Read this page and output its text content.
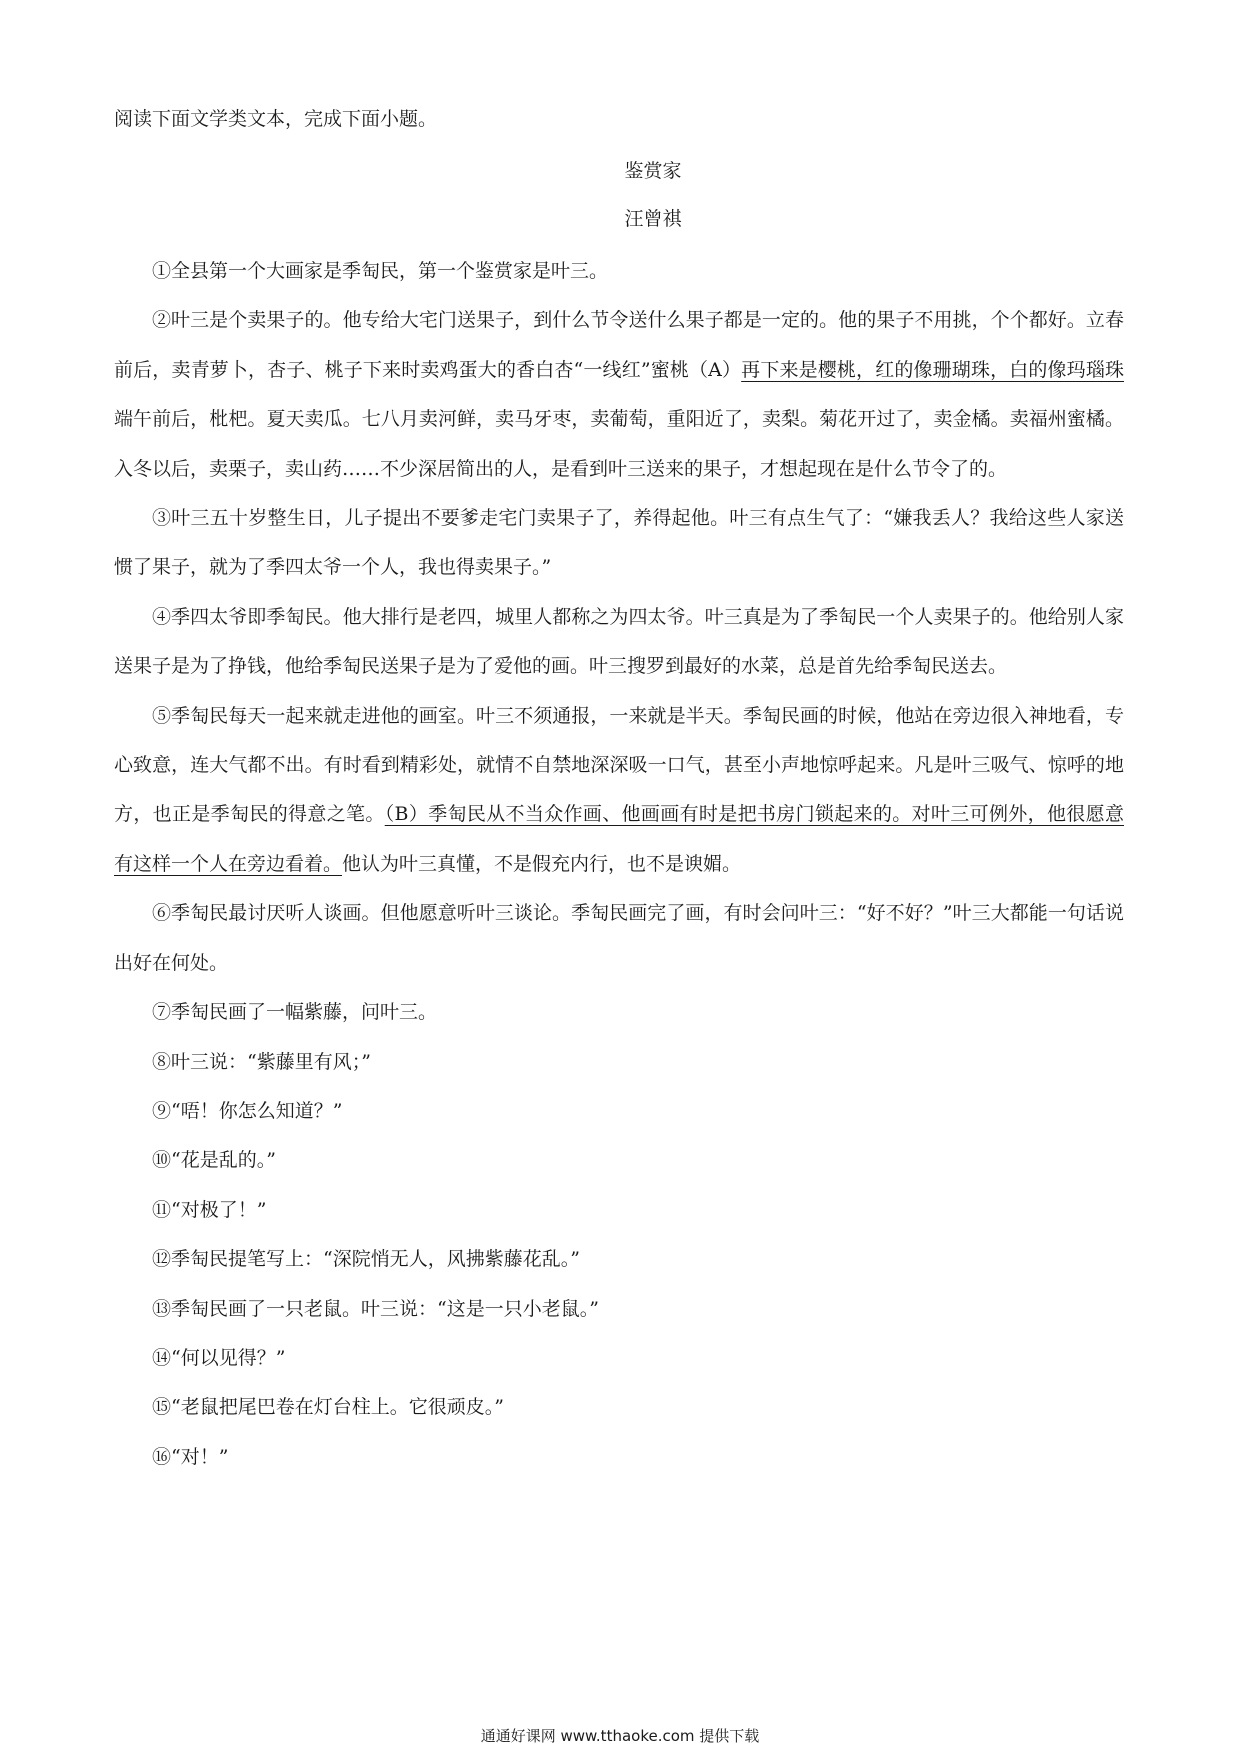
阅读下面文学类文本，完成下面小题。
鉴赏家
汪曾祺

①全县第一个大画家是季匋民，第一个鉴赏家是叶三。

②叶三是个卖果子的。他专给大宅门送果子，到什么节令送什么果子都是一定的。他的果子不用挑，个个都好。立春前后，卖青萝卜，杏子、桃子下来时卖鸡蛋大的香白杏“一线红”蜜桃（A）再下来是樱桃，红的像珊瑚珠，白的像玛瑙珠端午前后，枇杷。夏天卖瓜。七八月卖河鲜，卖马牙枣，卖葡萄，重阳近了，卖梨。菊花开过了，卖金橘。卖福州蜜橘。入冬以后，卖栗子，卖山药……不少深居简出的人，是看到叶三送来的果子，才想起现在是什么节令了的。

③叶三五十岁整生日，儿子提出不要爹走宅门卖果子了，养得起他。叶三有点生气了：“嫌我丢人？我给这些人家送惯了果子，就为了季四太爷一个人，我也得卖果子。”

④季四太爷即季匋民。他大排行是老四，城里人都称之为四太爷。叶三真是为了季匋民一个人卖果子的。他给别人家送果子是为了挣钱，他给季匋民送果子是为了爱他的画。叶三搜罗到最好的水菜，总是首先给季匋民送去。

⑤季匋民每天一起来就走进他的画室。叶三不须通报，一来就是半天。季匋民画的时候，他站在旁边很入神地看，专心致意，连大气都不出。有时看到精彩处，就情不自禁地深深吸一口气，甚至小声地惊呼起来。凡是叶三吸气、惊呼的地方，也正是季匋民的得意之笔。（B）季匋民从不当众作画、他画画有时是把书房门锁起来的。对叶三可例外，他很愿意有这样一个人在旁边看着。他认为叶三真懂，不是假充内行，也不是谀媚。

⑥季匋民最讨厌听人谈画。但他愿意听叶三谈论。季匋民画完了画，有时会问叶三：“好不好？”叶三大都能一句话说出好在何处。

⑦季匋民画了一幅紫藤，问叶三。

⑧叶三说：“紫藤里有风；”

⑨“唔！你怎么知道？”

⑩“花是乱的。”

⑪“对极了！”

⑫季匋民提笔写上：“深院悄无人，风拂紫藤花乱。”

⑬季匋民画了一只老鼠。叶三说：“这是一只小老鼠。”

⑭“何以见得？”

⑮“老鼠把尾巴卷在灯台柱上。它很顽皮。”

⑯“对！”

通通好课网 www.tthaoke.com 提供下载
